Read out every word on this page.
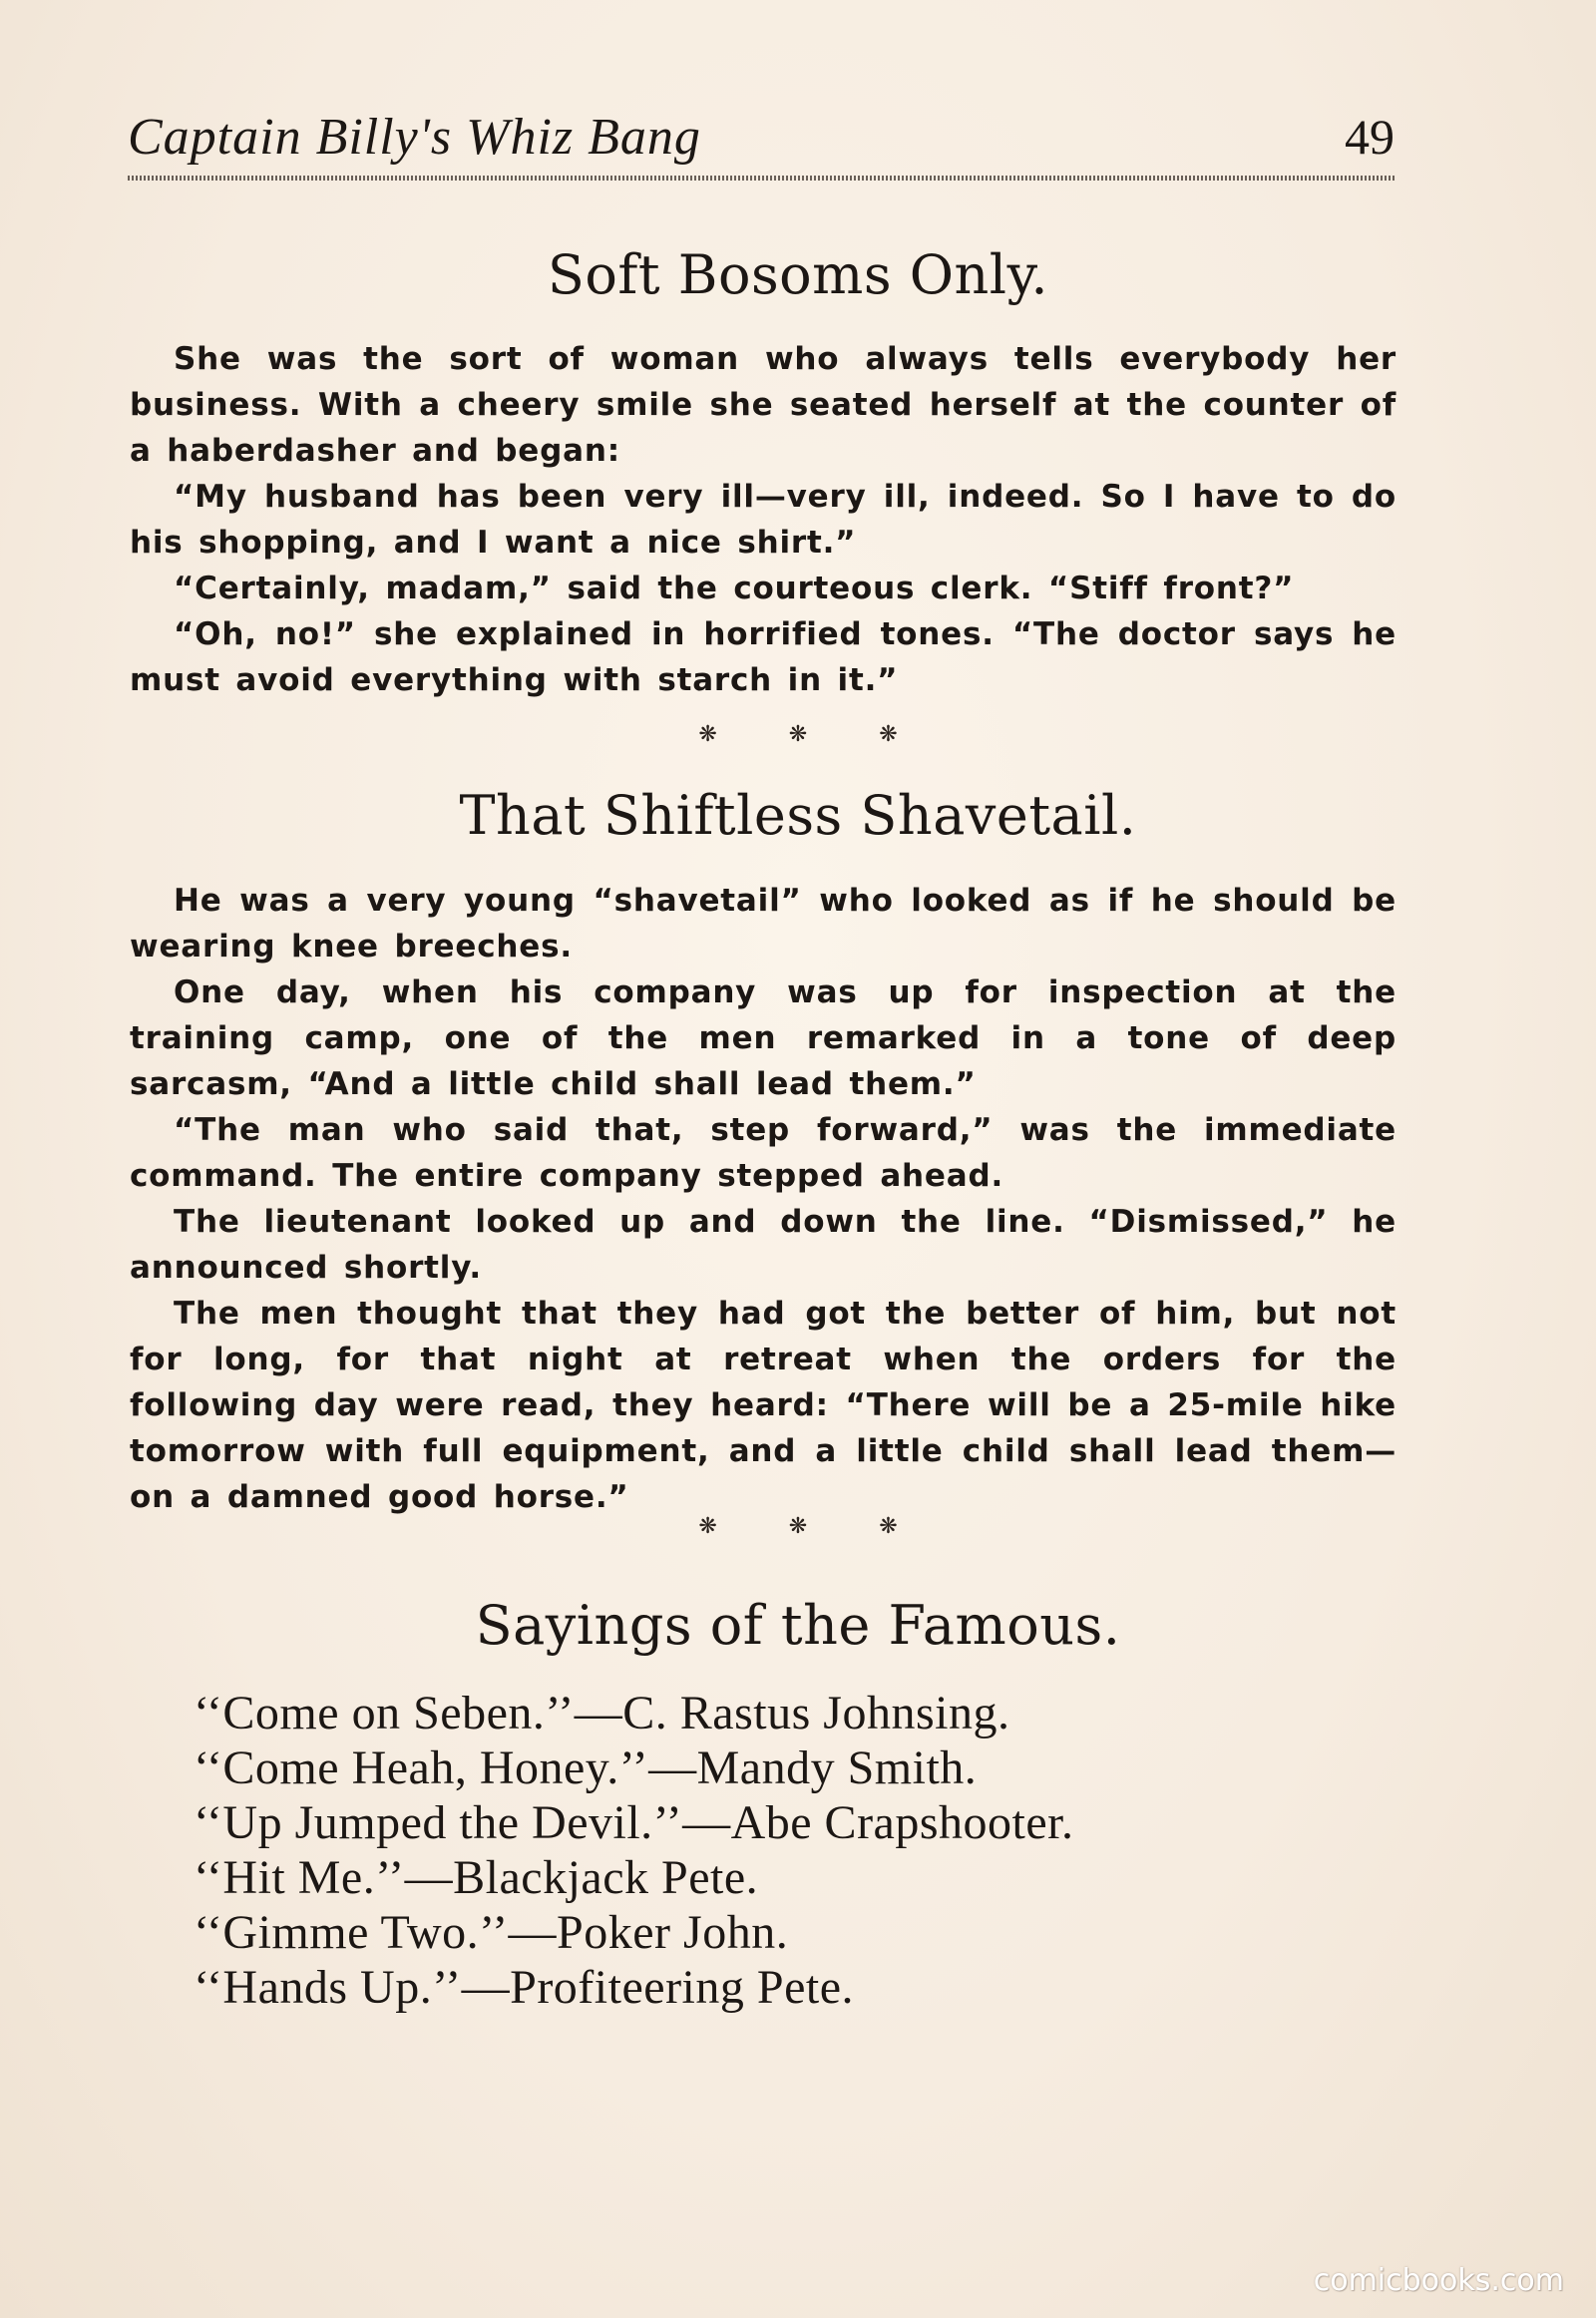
Captain Billy's Whiz Bang	49
Soft Bosoms Only.

She was the sort of woman who always tells everybody her business. With a cheery smile she seated herself at the counter of a haberdasher and began:

“My husband has been very ill—very ill, indeed. So I have to do his shopping, and I want a nice shirt.”

“Certainly, madam,” said the courteous clerk. “Stiff front?”

“Oh, no!” she explained in horrified tones. “The doctor says he must avoid everything with starch in it.”

❋❋❋
That Shiftless Shavetail.

He was a very young “shavetail” who looked as if he should be wearing knee breeches.

One day, when his company was up for inspection at the training camp, one of the men remarked in a tone of deep sarcasm, “And a little child shall lead them.”

“The man who said that, step forward,” was the immediate command. The entire company stepped ahead.

The lieutenant looked up and down the line. “Dismissed,” he announced shortly.

The men thought that they had got the better of him, but not for long, for that night at retreat when the orders for the following day were read, they heard: “There will be a 25-mile hike tomorrow with full equipment, and a little child shall lead them—on a damned good horse.”

❋❋❋
Sayings of the Famous.
‘‘Come on Seben.’’—C. Rastus Johnsing.
‘‘Come Heah, Honey.’’—Mandy Smith.
‘‘Up Jumped the Devil.’’—Abe Crapshooter.
‘‘Hit Me.’’—Blackjack Pete.
‘‘Gimme Two.’’—Poker John.
‘‘Hands Up.’’—Profiteering Pete.
comicbooks.com
